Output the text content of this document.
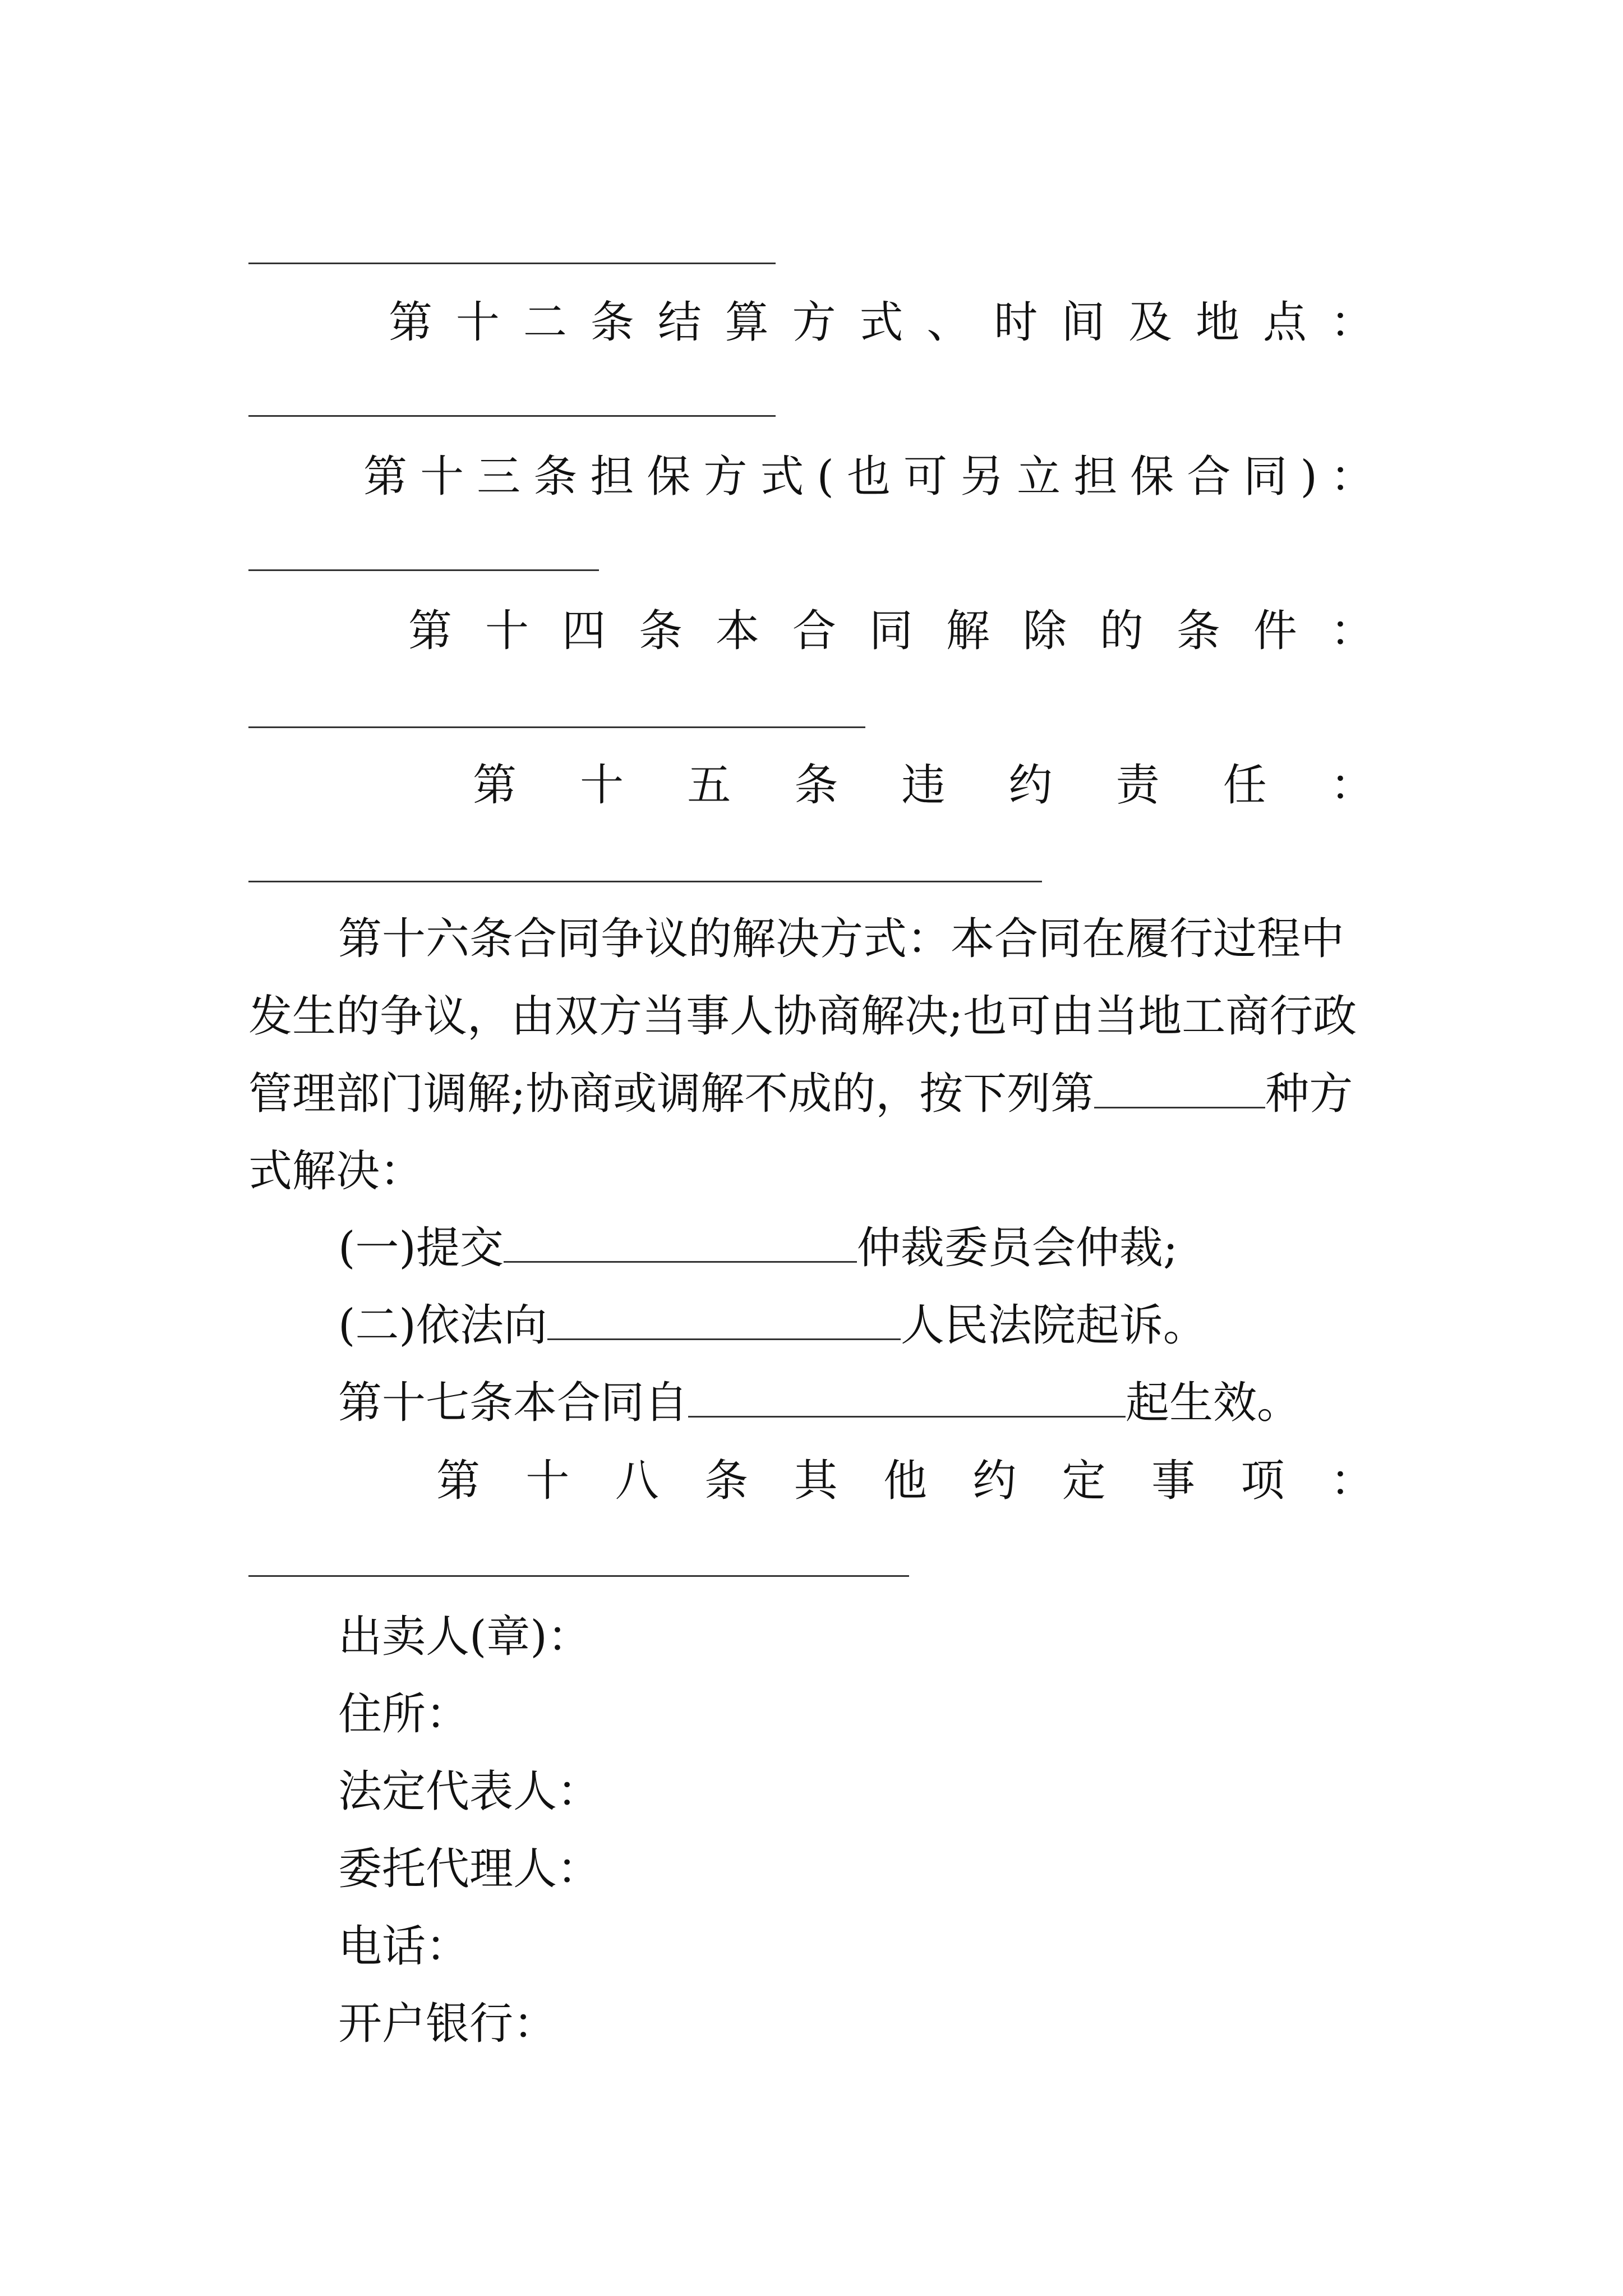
第 十 二 条 结 算 方 式 、 时 间 及 地 点 ：
第 十 三 条 担 保 方 式 ( 也 可 另 立 担 保 合 同 ) ：
第 十 四 条 本 合 同 解 除 的 条 件 ：
第 十 五 条 违 约 责 任 ：

第十六条合同争议的解决方式：本合同在履行过程中发生的争议，由双方当事人协商解决;也可由当地工商行政管理部门调解;协商或调解不成的，按下列第	种方式解决：

(一)提交	仲裁委员会仲裁;
(二)依法向	人民法院起诉。
第十七条本合同自	起生效。
第 十 八 条 其 他 约 定 事 项 ：
出卖人(章)：
住所：
法定代表人：
委托代理人：
电话：
开户银行：
